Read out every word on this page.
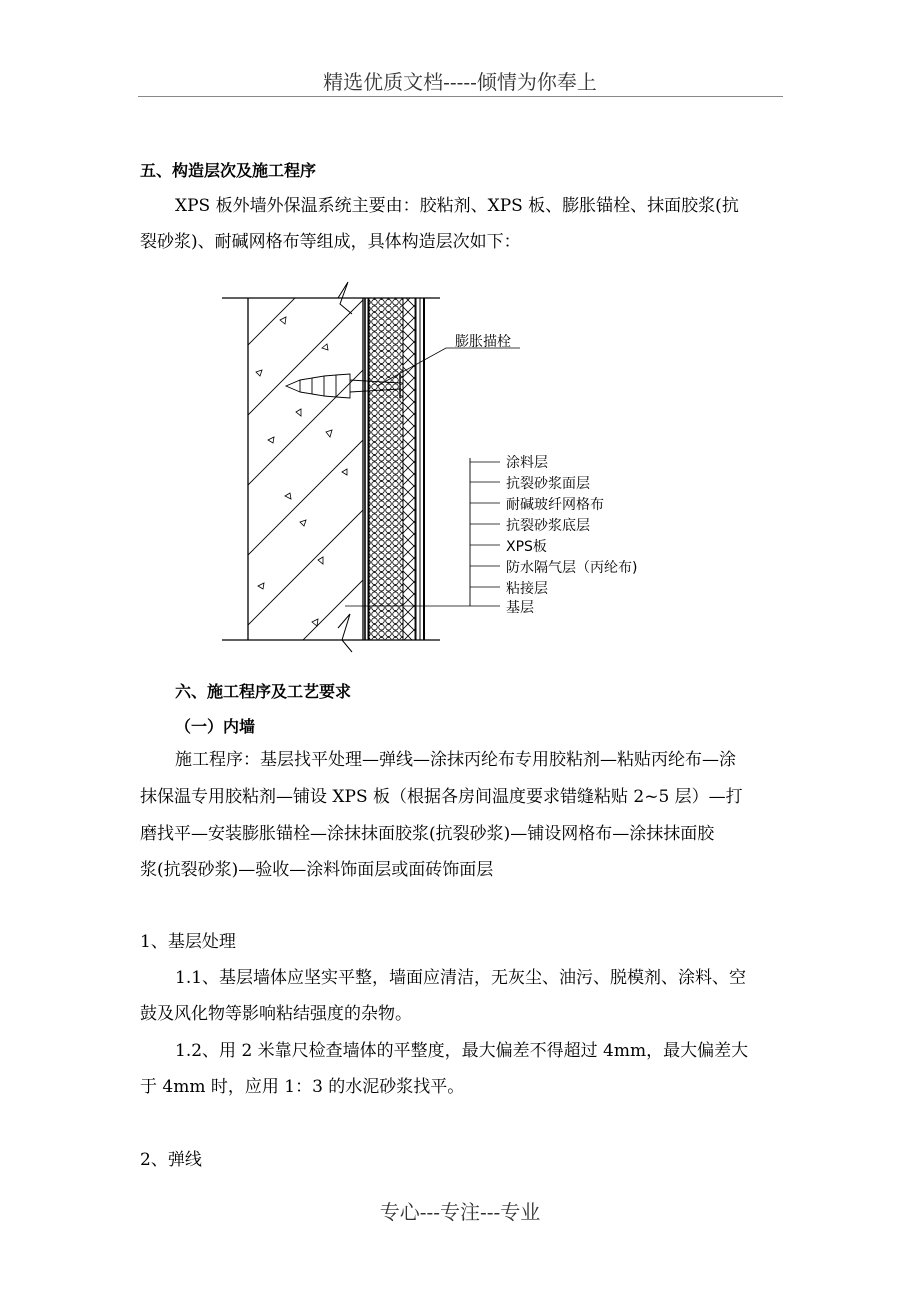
精选优质文档-----倾情为你奉上
五、构造层次及施工程序
XPS 板外墙外保温系统主要由：胶粘剂、XPS 板、膨胀锚栓、抹面胶浆(抗
裂砂浆)、耐碱网格布等组成，具体构造层次如下：
膨胀描栓
涂料层
抗裂砂浆面层
耐碱玻纤网格布
抗裂砂浆底层
XPS板
防水隔气层（丙纶布)
粘接层
基层
六、施工程序及工艺要求
（一）内墙
施工程序：基层找平处理—弹线—涂抹丙纶布专用胶粘剂—粘贴丙纶布—涂
抹保温专用胶粘剂—铺设 XPS 板（根据各房间温度要求错缝粘贴 2~5 层）—打
磨找平—安装膨胀锚栓—涂抹抹面胶浆(抗裂砂浆)—铺设网格布—涂抹抹面胶
浆(抗裂砂浆)—验收—涂料饰面层或面砖饰面层
1、基层处理
1.1、基层墙体应坚实平整，墙面应清洁，无灰尘、油污、脱模剂、涂料、空
鼓及风化物等影响粘结强度的杂物。
1.2、用 2 米靠尺检查墙体的平整度，最大偏差不得超过 4mm，最大偏差大
于 4mm 时，应用 1：3 的水泥砂浆找平。
2、弹线
专心---专注---专业
